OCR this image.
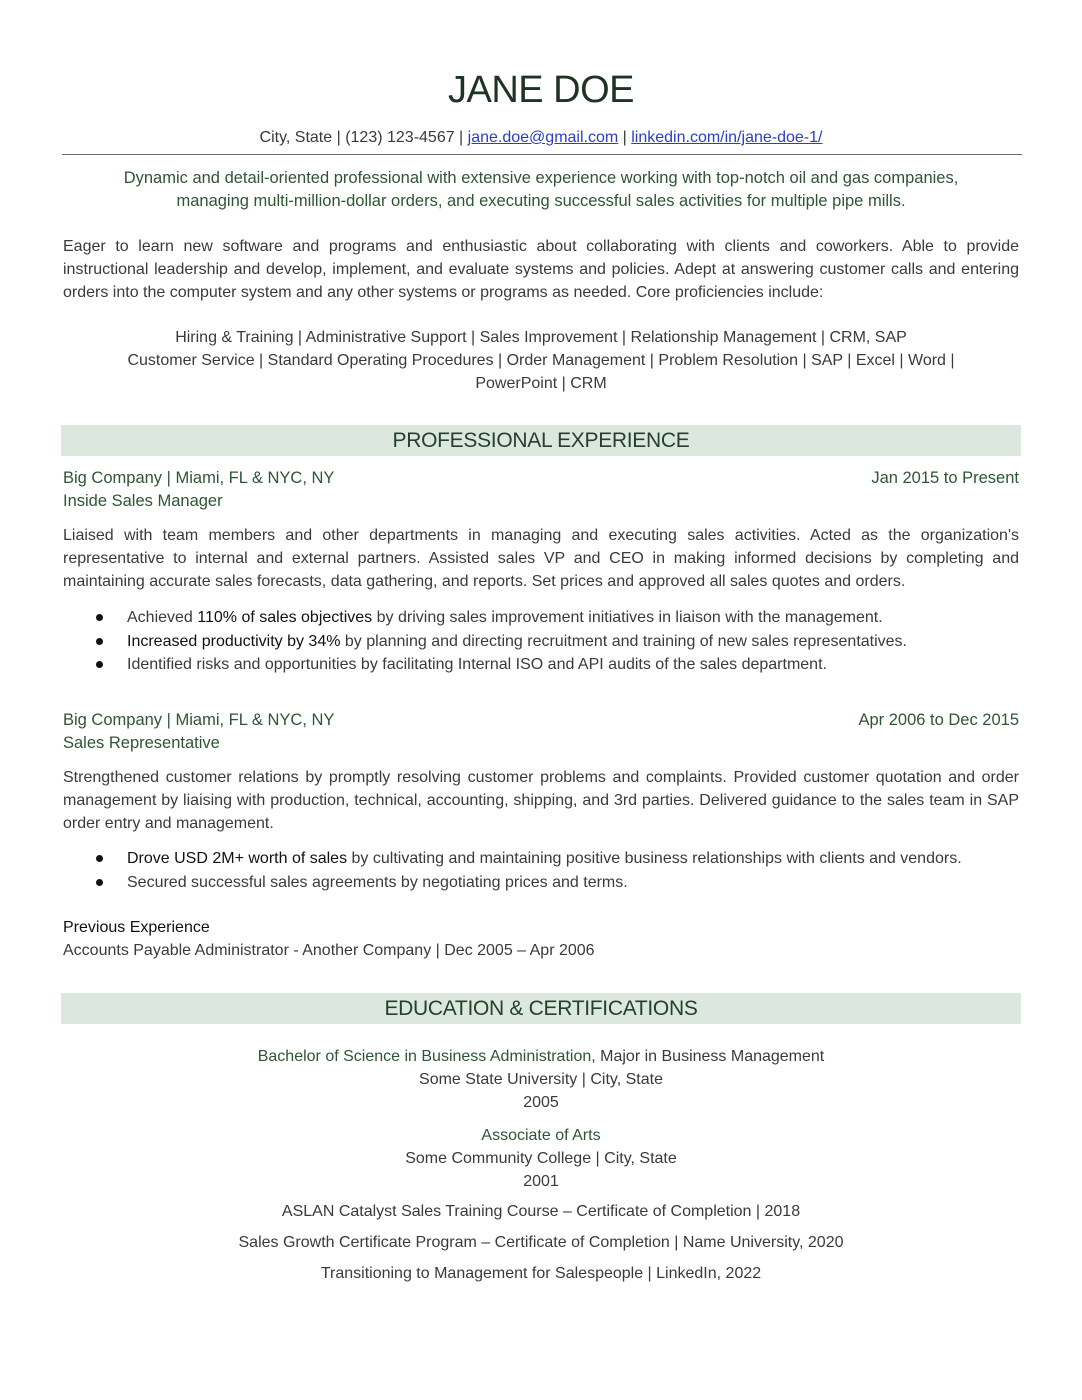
JANE DOE
City, State | (123) 123-4567 | jane.doe@gmail.com | linkedin.com/in/jane-doe-1/
Dynamic and detail-oriented professional with extensive experience working with top-notch oil and gas companies,
managing multi-million-dollar orders, and executing successful sales activities for multiple pipe mills.
Eager to learn new software and programs and enthusiastic about collaborating with clients and coworkers. Able to provide instructional leadership and develop, implement, and evaluate systems and policies. Adept at answering customer calls and entering orders into the computer system and any other systems or programs as needed. Core proficiencies include:
Hiring & Training | Administrative Support | Sales Improvement | Relationship Management | CRM, SAP
Customer Service | Standard Operating Procedures | Order Management | Problem Resolution | SAP | Excel | Word |
PowerPoint | CRM
PROFESSIONAL EXPERIENCE
Big Company | Miami, FL & NYC, NY	Jan 2015 to Present
Inside Sales Manager
Liaised with team members and other departments in managing and executing sales activities. Acted as the organization's representative to internal and external partners. Assisted sales VP and CEO in making informed decisions by completing and maintaining accurate sales forecasts, data gathering, and reports. Set prices and approved all sales quotes and orders.
Achieved 110% of sales objectives by driving sales improvement initiatives in liaison with the management.
Increased productivity by 34% by planning and directing recruitment and training of new sales representatives.
Identified risks and opportunities by facilitating Internal ISO and API audits of the sales department.
Big Company | Miami, FL & NYC, NY	Apr 2006 to Dec 2015
Sales Representative
Strengthened customer relations by promptly resolving customer problems and complaints. Provided customer quotation and order management by liaising with production, technical, accounting, shipping, and 3rd parties. Delivered guidance to the sales team in SAP order entry and management.
Drove USD 2M+ worth of sales by cultivating and maintaining positive business relationships with clients and vendors.
Secured successful sales agreements by negotiating prices and terms.
Previous Experience
Accounts Payable Administrator - Another Company | Dec 2005 – Apr 2006
EDUCATION & CERTIFICATIONS
Bachelor of Science in Business Administration, Major in Business Management
Some State University | City, State
2005
Associate of Arts
Some Community College | City, State
2001
ASLAN Catalyst Sales Training Course – Certificate of Completion | 2018
Sales Growth Certificate Program – Certificate of Completion | Name University, 2020
Transitioning to Management for Salespeople | LinkedIn, 2022
